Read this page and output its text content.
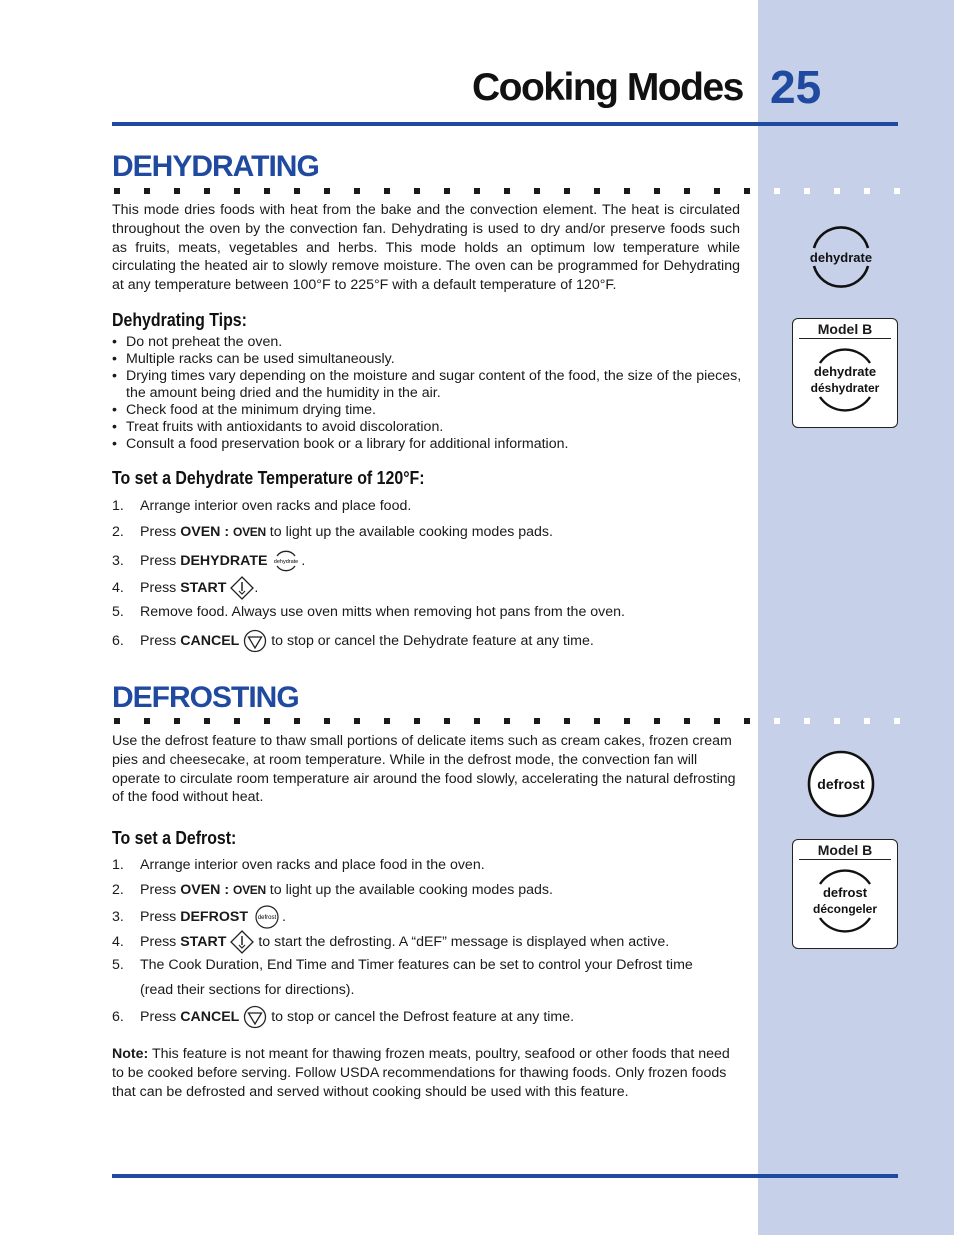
Cooking Modes 25
DEHYDRATING
This mode dries foods with heat from the bake and the convection element. The heat is circulated throughout the oven by the convection fan. Dehydrating is used to dry and/or preserve foods such as fruits, meats, vegetables and herbs. This mode holds an optimum low temperature while circulating the heated air to slowly remove moisture. The oven can be programmed for Dehydrating at any temperature between 100°F to 225°F with a default temperature of 120°F.
Dehydrating Tips:
• Do not preheat the oven.
• Multiple racks can be used simultaneously.
• Drying times vary depending on the moisture and sugar content of the food, the size of the pieces, the amount being dried and the humidity in the air.
• Check food at the minimum drying time.
• Treat fruits with antioxidants to avoid discoloration.
• Consult a food preservation book or a library for additional information.
To set a Dehydrate Temperature of 120°F:
1. Arrange interior oven racks and place food.
2. Press OVEN : OVEN to light up the available cooking modes pads.
3. Press DEHYDRATE dehydrate .
4. Press START .
5. Remove food. Always use oven mitts when removing hot pans from the oven.
6. Press CANCEL  to stop or cancel the Dehydrate feature at any time.
dehydrate
Model B
dehydrate
déshydrater
DEFROSTING
Use the defrost feature to thaw small portions of delicate items such as cream cakes, frozen cream pies and cheesecake, at room temperature. While in the defrost mode, the convection fan will operate to circulate room temperature air around the food slowly, accelerating the natural defrosting of the food without heat.
To set a Defrost:
1. Arrange interior oven racks and place food in the oven.
2. Press OVEN : OVEN to light up the available cooking modes pads.
3. Press DEFROST defrost .
4. Press START  to start the defrosting. A “dEF” message is displayed when active.
5. The Cook Duration, End Time and Timer features can be set to control your Defrost time
(read their sections for directions).
6. Press CANCEL  to stop or cancel the Defrost feature at any time.
Note: This feature is not meant for thawing frozen meats, poultry, seafood or other foods that need to be cooked before serving. Follow USDA recommendations for thawing foods. Only frozen foods that can be defrosted and served without cooking should be used with this feature.
defrost
Model B
defrost
décongeler
